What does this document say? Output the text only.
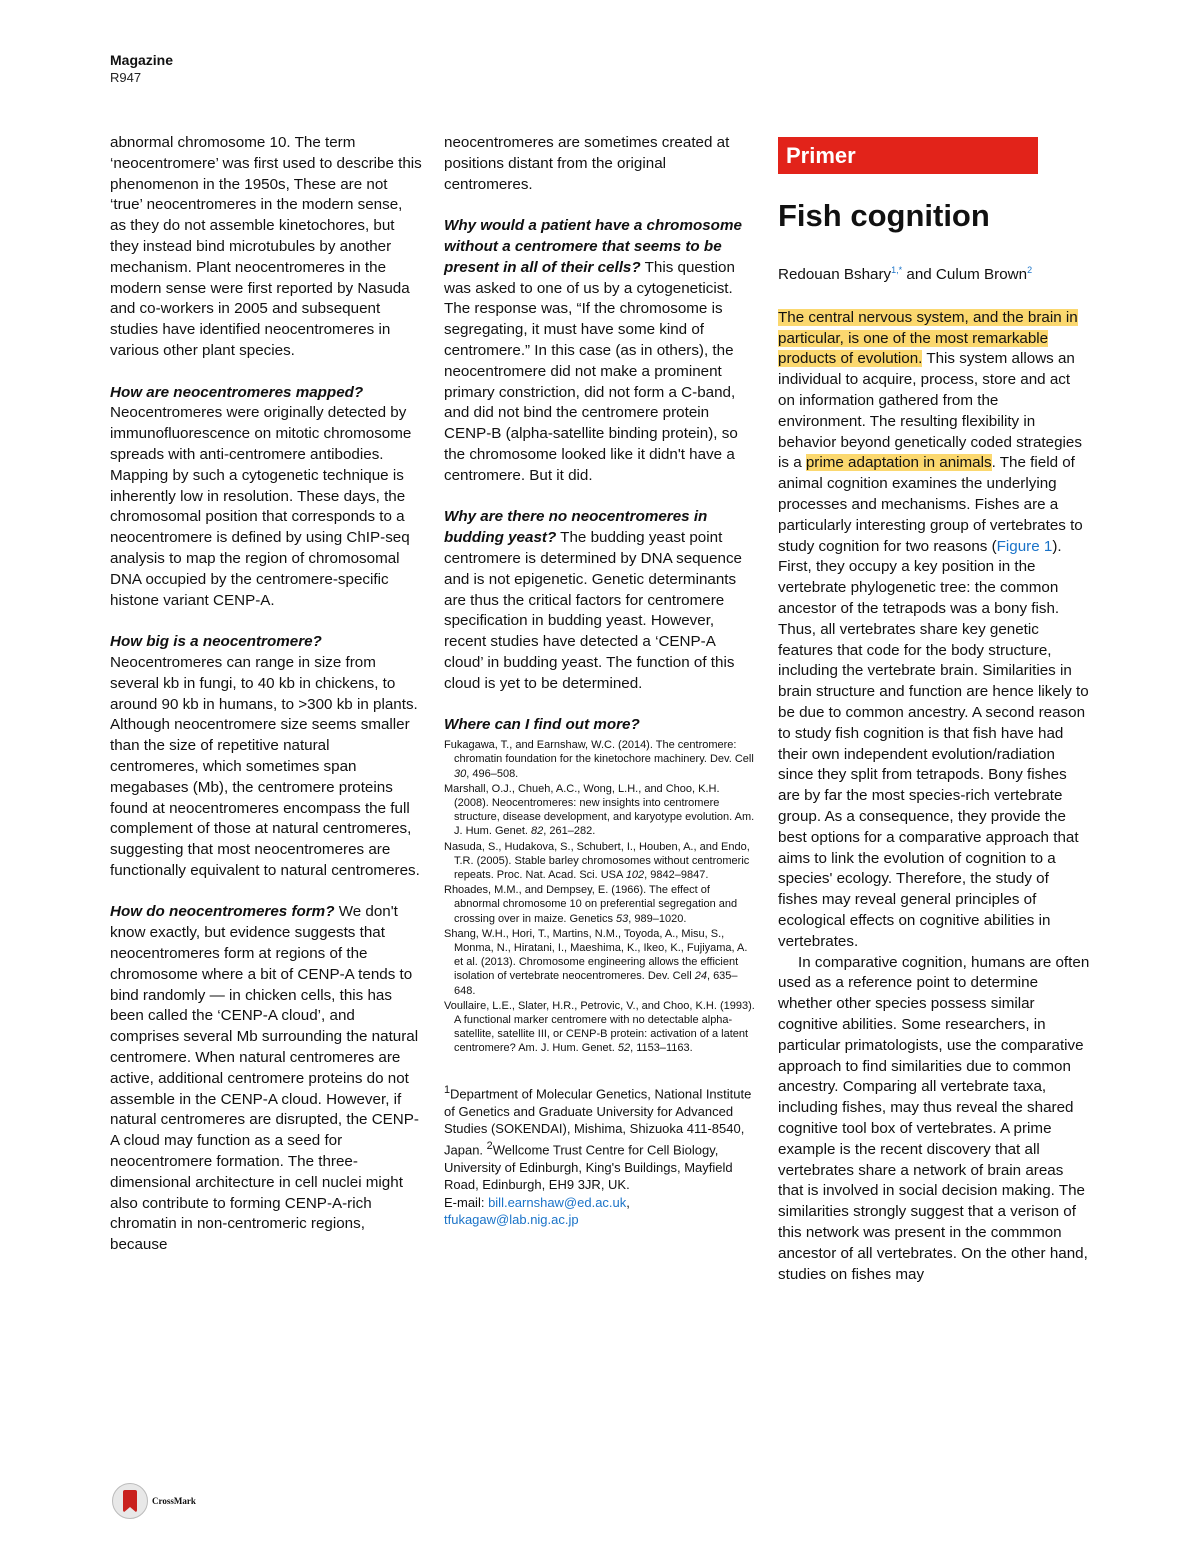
Magazine
R947

abnormal chromosome 10. The term ‘neocentromere’ was first used to describe this phenomenon in the 1950s, These are not ‘true’ neocentromeres in the modern sense, as they do not assemble kinetochores, but they instead bind microtubules by another mechanism. Plant neocentromeres in the modern sense were first reported by Nasuda and co-workers in 2005 and subsequent studies have identified neocentromeres in various other plant species.

How are neocentromeres mapped? Neocentromeres were originally detected by immunofluorescence on mitotic chromosome spreads with anti-centromere antibodies. Mapping by such a cytogenetic technique is inherently low in resolution. These days, the chromosomal position that corresponds to a neocentromere is defined by using ChIP-seq analysis to map the region of chromosomal DNA occupied by the centromere-specific histone variant CENP-A.

How big is a neocentromere? Neocentromeres can range in size from several kb in fungi, to 40 kb in chickens, to around 90 kb in humans, to >300 kb in plants. Although neocentromere size seems smaller than the size of repetitive natural centromeres, which sometimes span megabases (Mb), the centromere proteins found at neocentromeres encompass the full complement of those at natural centromeres, suggesting that most neocentromeres are functionally equivalent to natural centromeres.

How do neocentromeres form? We don't know exactly, but evidence suggests that neocentromeres form at regions of the chromosome where a bit of CENP-A tends to bind randomly — in chicken cells, this has been called the ‘CENP-A cloud’, and comprises several Mb surrounding the natural centromere. When natural centromeres are active, additional centromere proteins do not assemble in the CENP-A cloud. However, if natural centromeres are disrupted, the CENP-A cloud may function as a seed for neocentromere formation. The three-dimensional architecture in cell nuclei might also contribute to forming CENP-A-rich chromatin in non-centromeric regions, because

neocentromeres are sometimes created at positions distant from the original centromeres.

Why would a patient have a chromosome without a centromere that seems to be present in all of their cells? This question was asked to one of us by a cytogeneticist. The response was, “If the chromosome is segregating, it must have some kind of centromere.” In this case (as in others), the neocentromere did not make a prominent primary constriction, did not form a C-band, and did not bind the centromere protein CENP-B (alpha-satellite binding protein), so the chromosome looked like it didn't have a centromere. But it did.

Why are there no neocentromeres in budding yeast? The budding yeast point centromere is determined by DNA sequence and is not epigenetic. Genetic determinants are thus the critical factors for centromere specification in budding yeast. However, recent studies have detected a ‘CENP-A cloud’ in budding yeast. The function of this cloud is yet to be determined.

Where can I find out more?

Fukagawa, T., and Earnshaw, W.C. (2014). The centromere: chromatin foundation for the kinetochore machinery. Dev. Cell 30, 496–508.

Marshall, O.J., Chueh, A.C., Wong, L.H., and Choo, K.H. (2008). Neocentromeres: new insights into centromere structure, disease development, and karyotype evolution. Am. J. Hum. Genet. 82, 261–282.

Nasuda, S., Hudakova, S., Schubert, I., Houben, A., and Endo, T.R. (2005). Stable barley chromosomes without centromeric repeats. Proc. Nat. Acad. Sci. USA 102, 9842–9847.

Rhoades, M.M., and Dempsey, E. (1966). The effect of abnormal chromosome 10 on preferential segregation and crossing over in maize. Genetics 53, 989–1020.

Shang, W.H., Hori, T., Martins, N.M., Toyoda, A., Misu, S., Monma, N., Hiratani, I., Maeshima, K., Ikeo, K., Fujiyama, A. et al. (2013). Chromosome engineering allows the efficient isolation of vertebrate neocentromeres. Dev. Cell 24, 635–648.

Voullaire, L.E., Slater, H.R., Petrovic, V., and Choo, K.H. (1993). A functional marker centromere with no detectable alpha-satellite, satellite III, or CENP-B protein: activation of a latent centromere? Am. J. Hum. Genet. 52, 1153–1163.

$^1$Department of Molecular Genetics, National Institute of Genetics and Graduate University for Advanced Studies (SOKENDAI), Mishima, Shizuoka 411-8540, Japan. $^2$Wellcome Trust Centre for Cell Biology, University of Edinburgh, King's Buildings, Mayfield Road, Edinburgh, EH9 3JR, UK.
E-mail: bill.earnshaw@ed.ac.uk,
tfukagaw@lab.nig.ac.jp
Primer
Fish cognition
Redouan Bshary$^{1,*}$ and Culum Brown$^2$

The central nervous system, and the brain in particular, is one of the most remarkable products of evolution. This system allows an individual to acquire, process, store and act on information gathered from the environment. The resulting flexibility in behavior beyond genetically coded strategies is a prime adaptation in animals. The field of animal cognition examines the underlying processes and mechanisms. Fishes are a particularly interesting group of vertebrates to study cognition for two reasons (Figure 1). First, they occupy a key position in the vertebrate phylogenetic tree: the common ancestor of the tetrapods was a bony fish. Thus, all vertebrates share key genetic features that code for the body structure, including the vertebrate brain. Similarities in brain structure and function are hence likely to be due to common ancestry. A second reason to study fish cognition is that fish have had their own independent evolution/radiation since they split from tetrapods. Bony fishes are by far the most species-rich vertebrate group. As a consequence, they provide the best options for a comparative approach that aims to link the evolution of cognition to a species' ecology. Therefore, the study of fishes may reveal general principles of ecological effects on cognitive abilities in vertebrates.

In comparative cognition, humans are often used as a reference point to determine whether other species possess similar cognitive abilities. Some researchers, in particular primatologists, use the comparative approach to find similarities due to common ancestry. Comparing all vertebrate taxa, including fishes, may thus reveal the shared cognitive tool box of vertebrates. A prime example is the recent discovery that all vertebrates share a network of brain areas that is involved in social decision making. The similarities strongly suggest that a verison of this network was present in the commmon ancestor of all vertebrates. On the other hand, studies on fishes may

CrossMark
